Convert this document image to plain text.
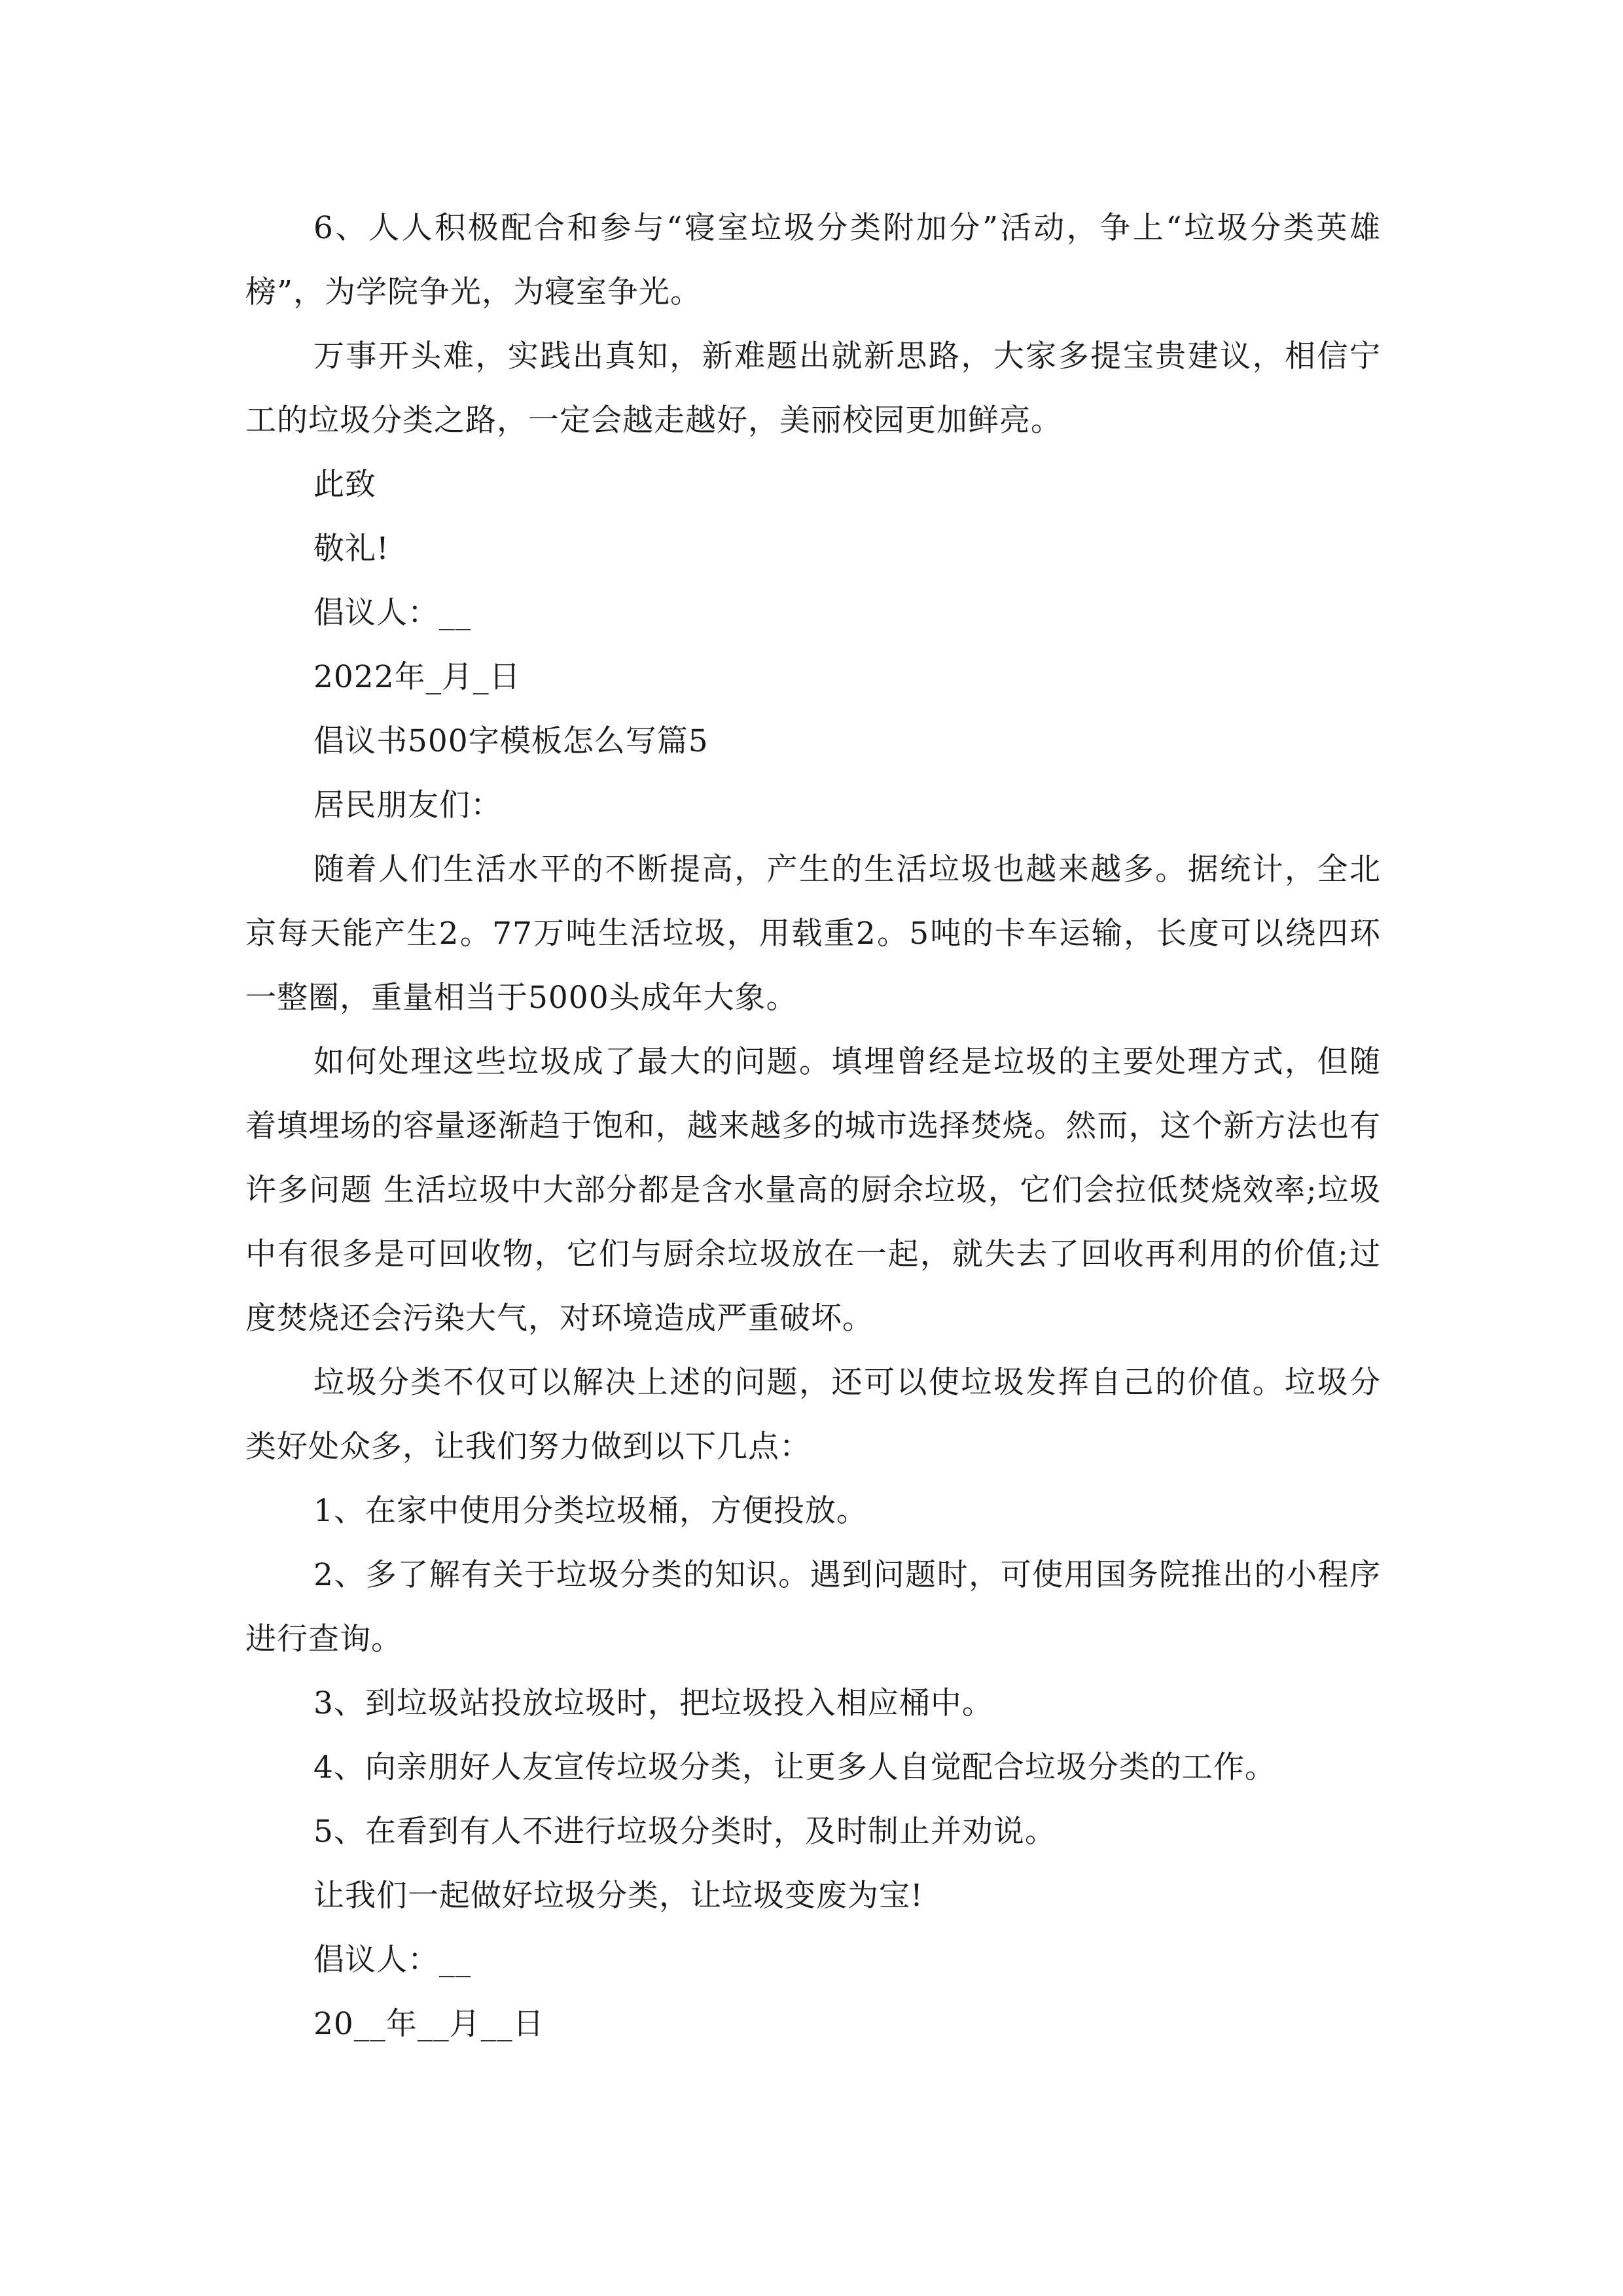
6、人人积极配合和参与“寝室垃圾分类附加分”活动，争上“垃圾分类英雄榜”，为学院争光，为寝室争光。

万事开头难，实践出真知，新难题出就新思路，大家多提宝贵建议，相信宁工的垃圾分类之路，一定会越走越好，美丽校园更加鲜亮。

此致
敬礼!
倡议人：__
2022年_月_日
倡议书500字模板怎么写篇5
居民朋友们：

随着人们生活水平的不断提高，产生的生活垃圾也越来越多。据统计，全北京每天能产生2。77万吨生活垃圾，用载重2。5吨的卡车运输，长度可以绕四环一整圈，重量相当于5000头成年大象。

如何处理这些垃圾成了最大的问题。填埋曾经是垃圾的主要处理方式，但随着填埋场的容量逐渐趋于饱和，越来越多的城市选择焚烧。然而，这个新方法也有许多问题 生活垃圾中大部分都是含水量高的厨余垃圾，它们会拉低焚烧效率;垃圾中有很多是可回收物，它们与厨余垃圾放在一起，就失去了回收再利用的价值;过度焚烧还会污染大气，对环境造成严重破坏。

垃圾分类不仅可以解决上述的问题，还可以使垃圾发挥自己的价值。垃圾分类好处众多，让我们努力做到以下几点：

1、在家中使用分类垃圾桶，方便投放。

2、多了解有关于垃圾分类的知识。遇到问题时，可使用国务院推出的小程序进行查询。

3、到垃圾站投放垃圾时，把垃圾投入相应桶中。
4、向亲朋好人友宣传垃圾分类，让更多人自觉配合垃圾分类的工作。
5、在看到有人不进行垃圾分类时，及时制止并劝说。
让我们一起做好垃圾分类，让垃圾变废为宝!
倡议人：__
20__年__月__日
